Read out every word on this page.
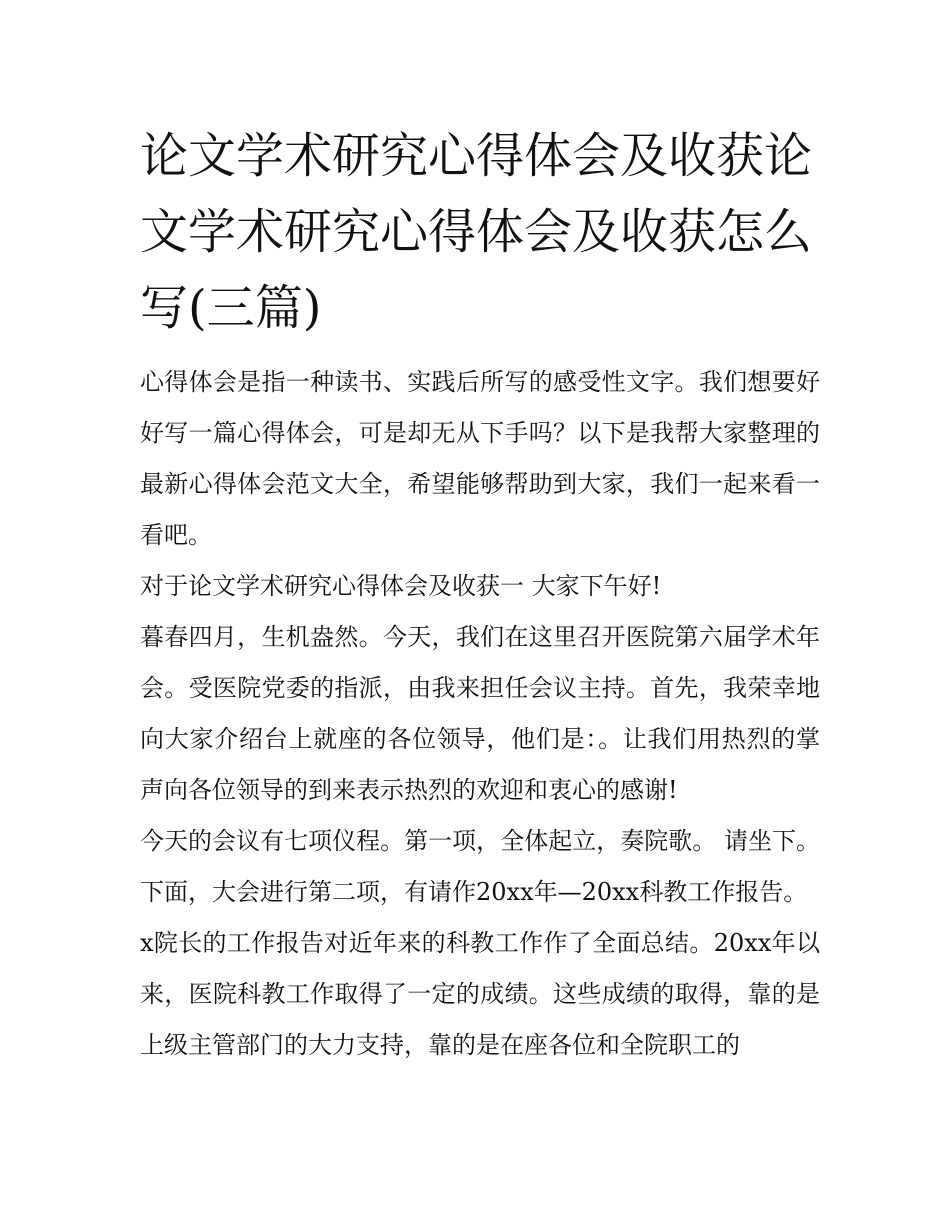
论文学术研究心得体会及收获论文学术研究心得体会及收获怎么写(三篇)

心得体会是指一种读书、实践后所写的感受性文字。我们想要好好写一篇心得体会，可是却无从下手吗？以下是我帮大家整理的最新心得体会范文大全，希望能够帮助到大家，我们一起来看一看吧。

对于论文学术研究心得体会及收获一 大家下午好!

暮春四月，生机盎然。今天，我们在这里召开医院第六届学术年会。受医院党委的指派，由我来担任会议主持。首先，我荣幸地向大家介绍台上就座的各位领导，他们是：。让我们用热烈的掌声向各位领导的到来表示热烈的欢迎和衷心的感谢!

今天的会议有七项仪程。第一项，全体起立，奏院歌。 请坐下。下面，大会进行第二项，有请作20xx年—20xx科教工作报告。

x院长的工作报告对近年来的科教工作作了全面总结。20xx年以来，医院科教工作取得了一定的成绩。这些成绩的取得，靠的是上级主管部门的大力支持，靠的是在座各位和全院职工的
